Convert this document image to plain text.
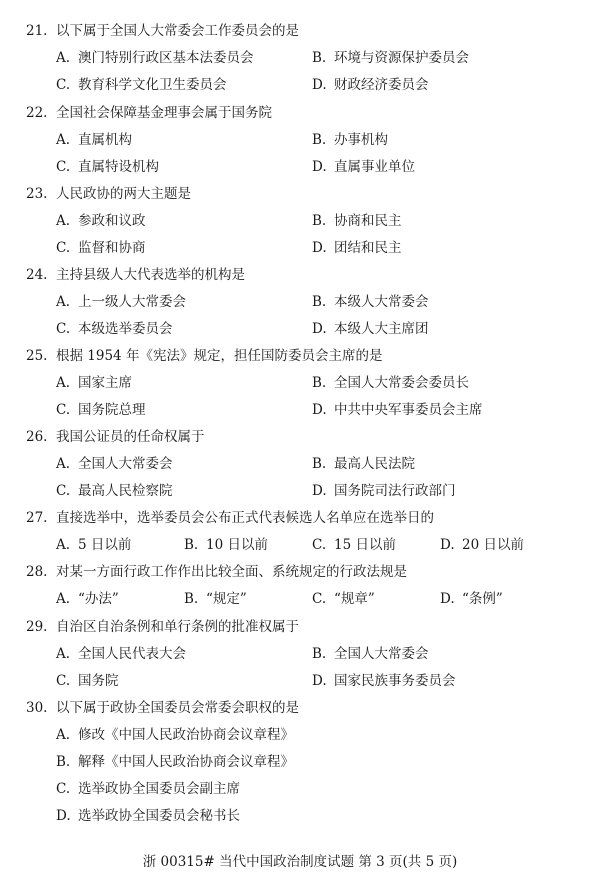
21. 以下属于全国人大常委会工作委员会的是
A. 澳门特别行政区基本法委员会	B. 环境与资源保护委员会
C. 教育科学文化卫生委员会	D. 财政经济委员会
22. 全国社会保障基金理事会属于国务院
A. 直属机构	B. 办事机构
C. 直属特设机构	D. 直属事业单位
23. 人民政协的两大主题是
A. 参政和议政	B. 协商和民主
C. 监督和协商	D. 团结和民主
24. 主持县级人大代表选举的机构是
A. 上一级人大常委会	B. 本级人大常委会
C. 本级选举委员会	D. 本级人大主席团
25. 根据 1954 年《宪法》规定，担任国防委员会主席的是
A. 国家主席	B. 全国人大常委会委员长
C. 国务院总理	D. 中共中央军事委员会主席
26. 我国公证员的任命权属于
A. 全国人大常委会	B. 最高人民法院
C. 最高人民检察院	D. 国务院司法行政部门
27. 直接选举中，选举委员会公布正式代表候选人名单应在选举日的
A. 5 日以前	B. 10 日以前	C. 15 日以前	D. 20 日以前
28. 对某一方面行政工作作出比较全面、系统规定的行政法规是
A. “办法”	B. “规定”	C. “规章”	D. “条例”
29. 自治区自治条例和单行条例的批准权属于
A. 全国人民代表大会	B. 全国人大常委会
C. 国务院	D. 国家民族事务委员会
30. 以下属于政协全国委员会常委会职权的是
A. 修改《中国人民政治协商会议章程》
B. 解释《中国人民政治协商会议章程》
C. 选举政协全国委员会副主席
D. 选举政协全国委员会秘书长
浙 00315# 当代中国政治制度试题 第 3 页(共 5 页)
